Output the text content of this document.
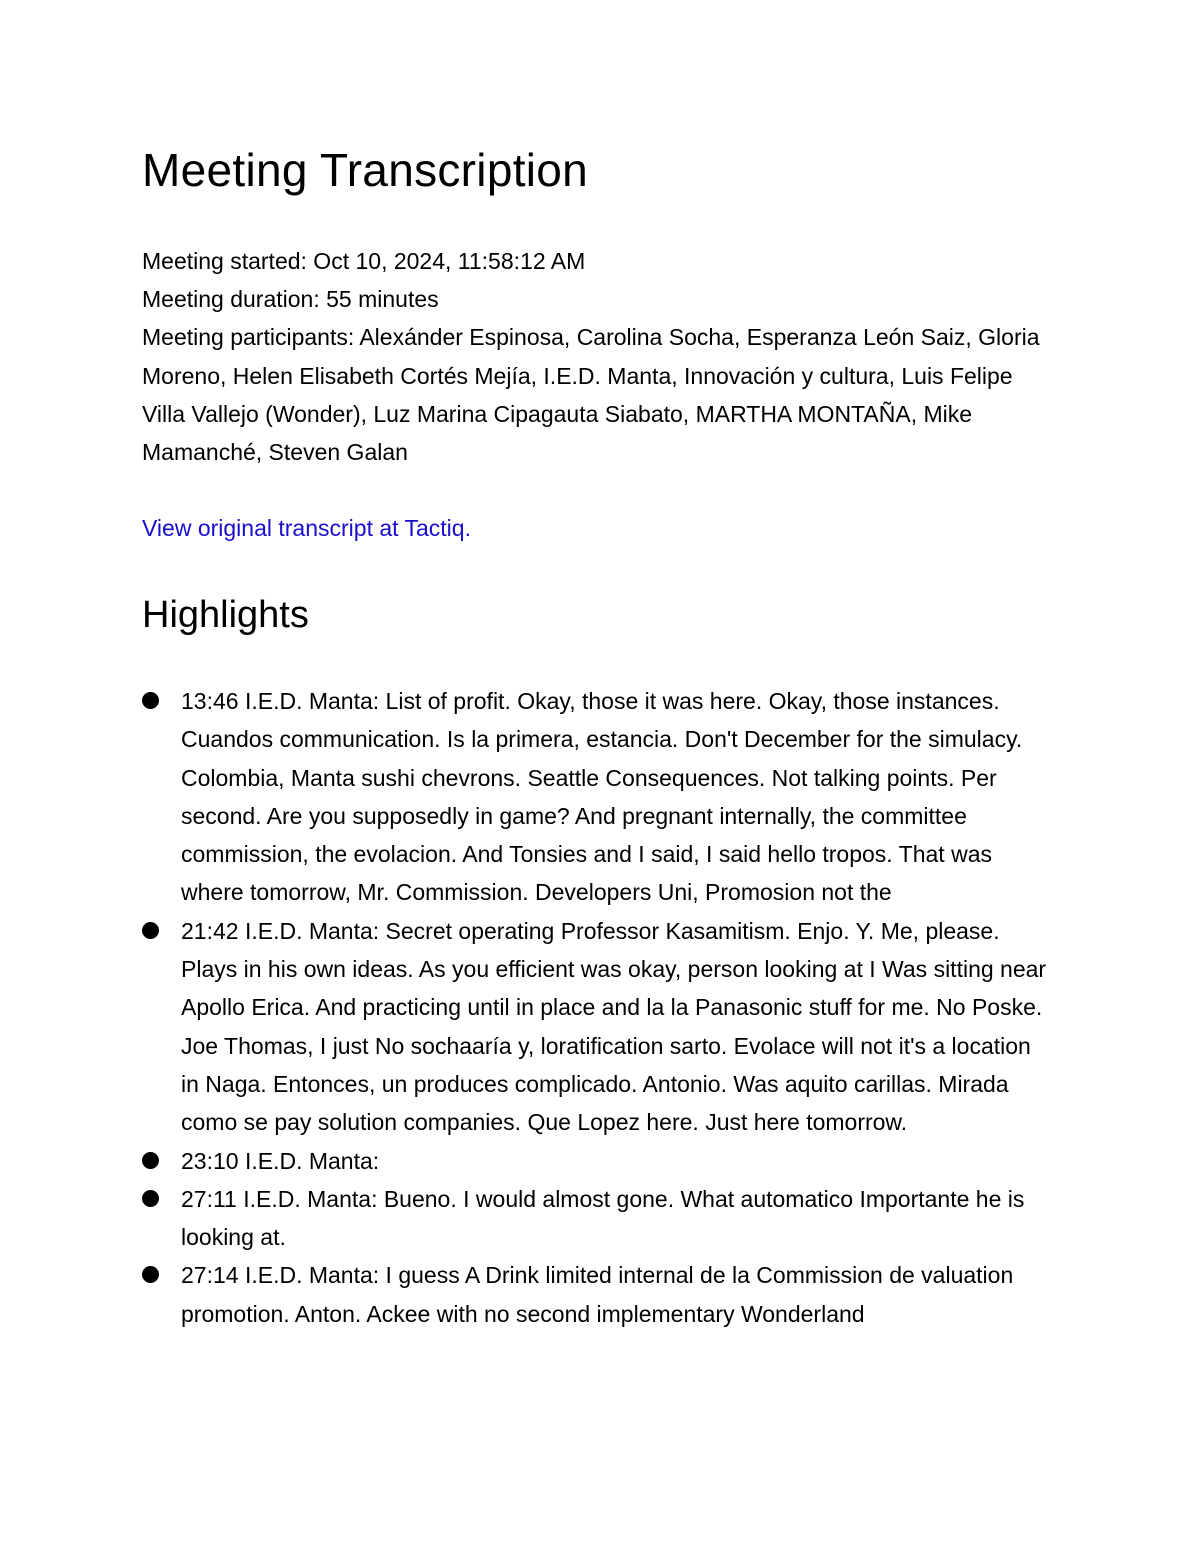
Meeting Transcription

Meeting started: Oct 10, 2024, 11:58:12 AM

Meeting duration: 55 minutes

Meeting participants: Alexánder Espinosa, Carolina Socha, Esperanza León Saiz, Gloria Moreno, Helen Elisabeth Cortés Mejía, I.E.D. Manta, Innovación y cultura, Luis Felipe Villa Vallejo (Wonder), Luz Marina Cipagauta Siabato, MARTHA MONTAÑA, Mike Mamanché, Steven Galan

View original transcript at Tactiq.

Highlights
13:46 I.E.D. Manta: List of profit. Okay, those it was here. Okay, those instances. Cuandos communication. Is la primera, estancia. Don't December for the simulacy. Colombia, Manta sushi chevrons. Seattle Consequences. Not talking points. Per second. Are you supposedly in game? And pregnant internally, the committee commission, the evolacion. And Tonsies and I said, I said hello tropos. That was where tomorrow, Mr. Commission. Developers Uni, Promosion not the
21:42 I.E.D. Manta: Secret operating Professor Kasamitism. Enjo. Y. Me, please. Plays in his own ideas. As you efficient was okay, person looking at I Was sitting near Apollo Erica. And practicing until in place and la la Panasonic stuff for me. No Poske. Joe Thomas, I just No sochaaría y, loratification sarto. Evolace will not it's a location in Naga. Entonces, un produces complicado. Antonio. Was aquito carillas. Mirada como se pay solution companies. Que Lopez here. Just here tomorrow.
23:10 I.E.D. Manta:
27:11 I.E.D. Manta: Bueno. I would almost gone. What automatico Importante he is looking at.
27:14 I.E.D. Manta: I guess A Drink limited internal de la Commission de valuation promotion. Anton. Ackee with no second implementary Wonderland
